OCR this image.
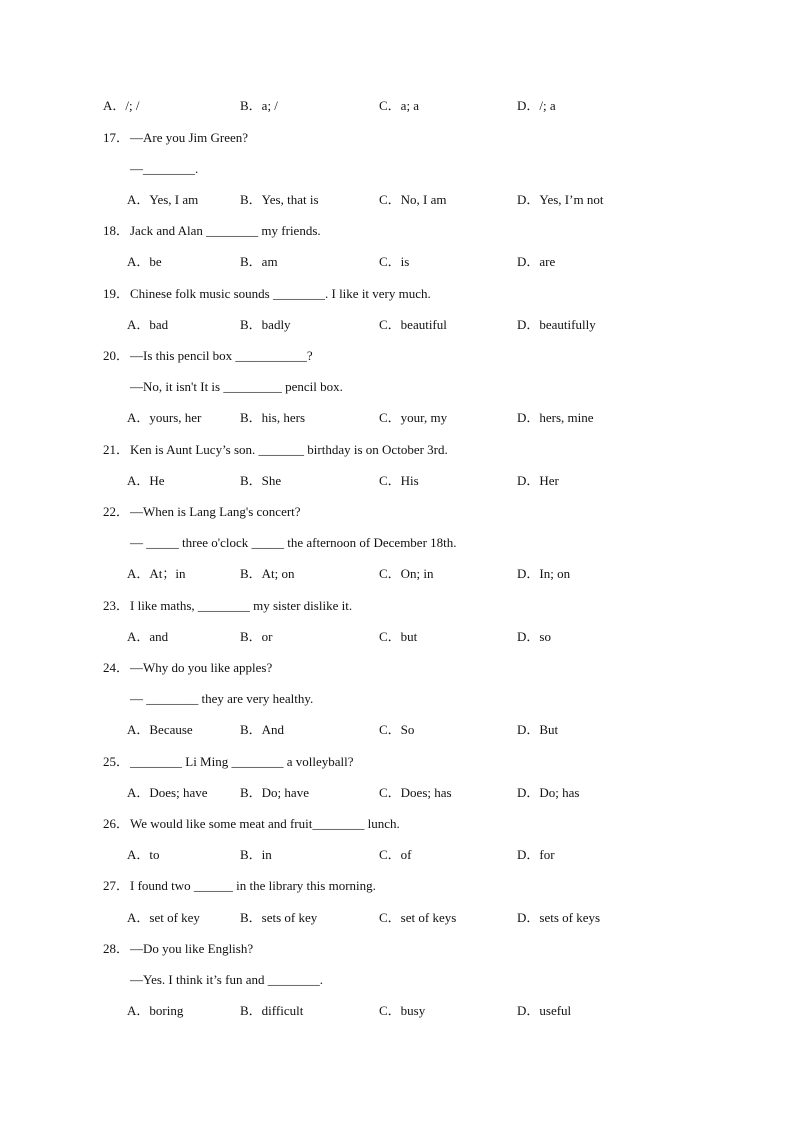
A．/; /	B．a; /	C．a; a	D．/; a
17． —Are you Jim Green?
—________.
A．Yes, I am	B．Yes, that is	C．No, I am	D．Yes, I’m not
18． Jack and Alan ________ my friends.
A．be	B．am	C．is	D．are
19． Chinese folk music sounds ________. I like it very much.
A．bad	B．badly	C．beautiful	D．beautifully
20． —Is this pencil box ___________?
—No, it isn't It is _________ pencil box.
A．yours, her	B．his, hers	C．your, my	D．hers, mine
21． Ken is Aunt Lucy’s son. _______ birthday is on October 3rd.
A．He	B．She	C．His	D．Her
22． —When is Lang Lang's concert?
— _____ three o'clock _____ the afternoon of December 18th.
A．At；in	B．At; on	C．On; in	D．In; on
23． I like maths, ________ my sister dislike it.
A．and	B．or	C．but	D．so
24． —Why do you like apples?
— ________ they are very healthy.
A．Because	B．And	C．So	D．But
25． ________ Li Ming ________ a volleyball?
A．Does; have B．Do; have	C．Does; has	D．Do; has
26． We would like some meat and fruit________ lunch.
A．to	B．in	C．of	D．for
27． I found two ______ in the library this morning.
A．set of key	B．sets of key	C．set of keys	D．sets of keys
28． —Do you like English?
—Yes. I think it’s fun and ________.
A．boring	B．difficult	C．busy	D．useful
